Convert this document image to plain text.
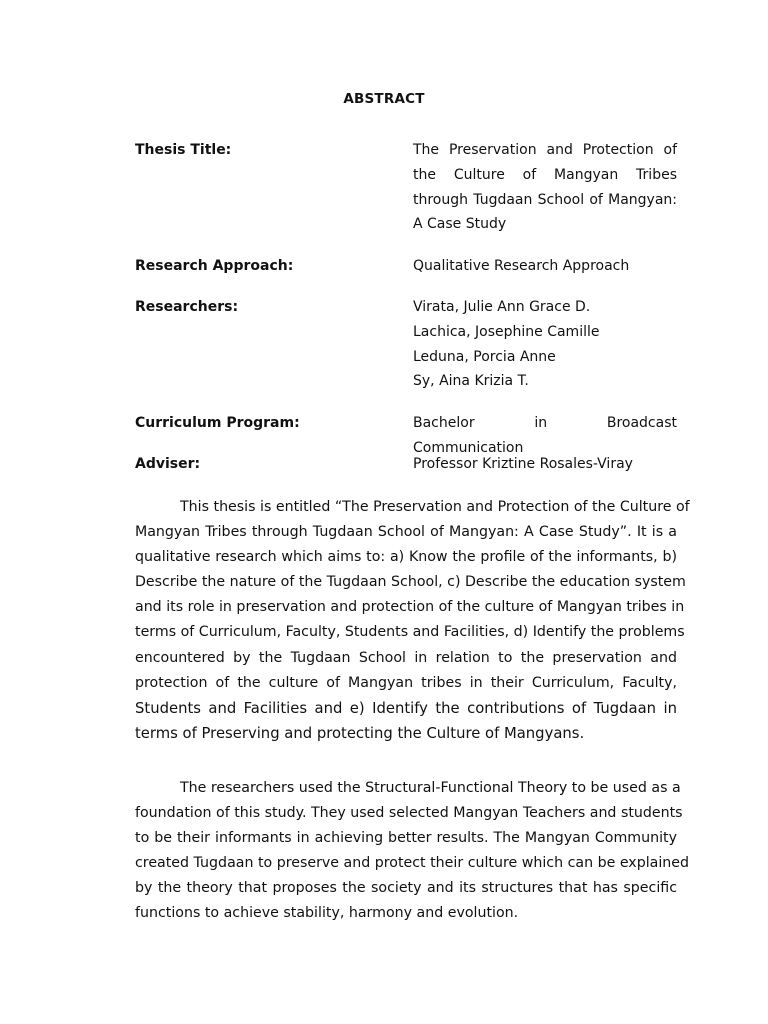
ABSTRACT
Thesis Title:	The Preservation and Protection of
the Culture of Mangyan Tribes
through Tugdaan School of Mangyan:
A Case Study
Research Approach:	Qualitative Research Approach
Researchers:	Virata, Julie Ann Grace D.
Lachica, Josephine Camille
Leduna, Porcia Anne
Sy, Aina Krizia T.
Curriculum Program:	Bachelor in Broadcast
Communication
Adviser:	Professor Kriztine Rosales-Viray
This thesis is entitled “The Preservation and Protection of the Culture of
Mangyan Tribes through Tugdaan School of Mangyan: A Case Study”. It is a
qualitative research which aims to: a) Know the profile of the informants, b)
Describe the nature of the Tugdaan School, c) Describe the education system
and its role in preservation and protection of the culture of Mangyan tribes in
terms of Curriculum, Faculty, Students and Facilities, d) Identify the problems
encountered by the Tugdaan School in relation to the preservation and
protection of the culture of Mangyan tribes in their Curriculum, Faculty,
Students and Facilities and e) Identify the contributions of Tugdaan in
terms of Preserving and protecting the Culture of Mangyans.
The researchers used the Structural-Functional Theory to be used as a
foundation of this study. They used selected Mangyan Teachers and students
to be their informants in achieving better results. The Mangyan Community
created Tugdaan to preserve and protect their culture which can be explained
by the theory that proposes the society and its structures that has specific
functions to achieve stability, harmony and evolution.
